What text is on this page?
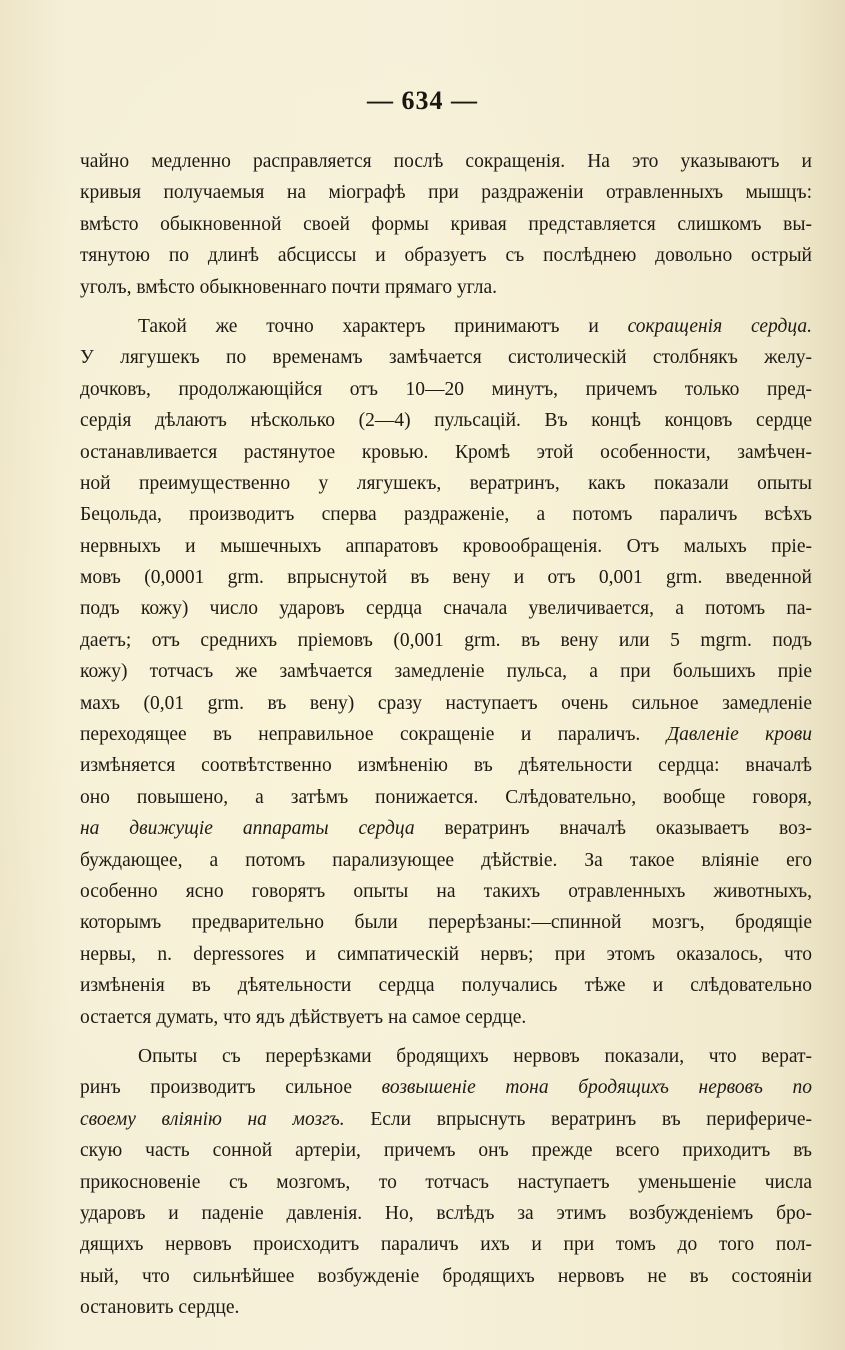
— 634 —
чайно медленно расправляется послѣ сокращенія. На это указываютъ и
кривыя получаемыя на міографѣ при раздраженіи отравленныхъ мышцъ:
вмѣсто обыкновенной своей формы кривая представляется слишкомъ вы-
тянутою по длинѣ абсциссы и образуетъ съ послѣднею довольно острый
уголъ, вмѣсто обыкновеннаго почти прямаго угла.
Такой же точно характеръ принимаютъ и сокращенія сердца.
У лягушекъ по временамъ замѣчается систолическій столбнякъ желу-
дочковъ, продолжающійся отъ 10—20 минутъ, причемъ только пред-
сердія дѣлаютъ нѣсколько (2—4) пульсацій. Въ концѣ концовъ сердце
останавливается растянутое кровью. Кромѣ этой особенности, замѣчен-
ной преимущественно у лягушекъ, вератринъ, какъ показали опыты
Бецольда, производитъ сперва раздраженіе, а потомъ параличъ всѣхъ
нервныхъ и мышечныхъ аппаратовъ кровообращенія. Отъ малыхъ пріе-
мовъ (0,0001 grm. впрыснутой въ вену и отъ 0,001 grm. введенной
подъ кожу) число ударовъ сердца сначала увеличивается, а потомъ па-
даетъ; отъ среднихъ пріемовъ (0,001 grm. въ вену или 5 mgrm. подъ
кожу) тотчасъ же замѣчается замедленіе пульса, а при большихъ пріе
махъ (0,01 grm. въ вену) сразу наступаетъ очень сильное замедленіе
переходящее въ неправильное сокращеніе и параличъ. Давленіе крови
измѣняется соотвѣтственно измѣненію въ дѣятельности сердца: вначалѣ
оно повышено, а затѣмъ понижается. Слѣдовательно, вообще говоря,
на движущіе аппараты сердца вератринъ вначалѣ оказываетъ воз-
буждающее, а потомъ парализующее дѣйствіе. За такое вліяніе его
особенно ясно говорятъ опыты на такихъ отравленныхъ животныхъ,
которымъ предварительно были перерѣзаны:—спинной мозгъ, бродящіе
нервы, n. depressores и симпатическій нервъ; при этомъ оказалось, что
измѣненія въ дѣятельности сердца получались тѣже и слѣдовательно
остается думать, что ядъ дѣйствуетъ на самое сердце.
Опыты съ перерѣзками бродящихъ нервовъ показали, что верат-
ринъ производитъ сильное возвышеніе тона бродящихъ нервовъ по
своему вліянію на мозгъ. Если впрыснуть вератринъ въ перифериче-
скую часть сонной артеріи, причемъ онъ прежде всего приходитъ въ
прикосновеніе съ мозгомъ, то тотчасъ наступаетъ уменьшеніе числа
ударовъ и паденіе давленія. Но, вслѣдъ за этимъ возбужденіемъ бро-
дящихъ нервовъ происходитъ параличъ ихъ и при томъ до того пол-
ный, что сильнѣйшее возбужденіе бродящихъ нервовъ не въ состояніи
остановить сердце.
